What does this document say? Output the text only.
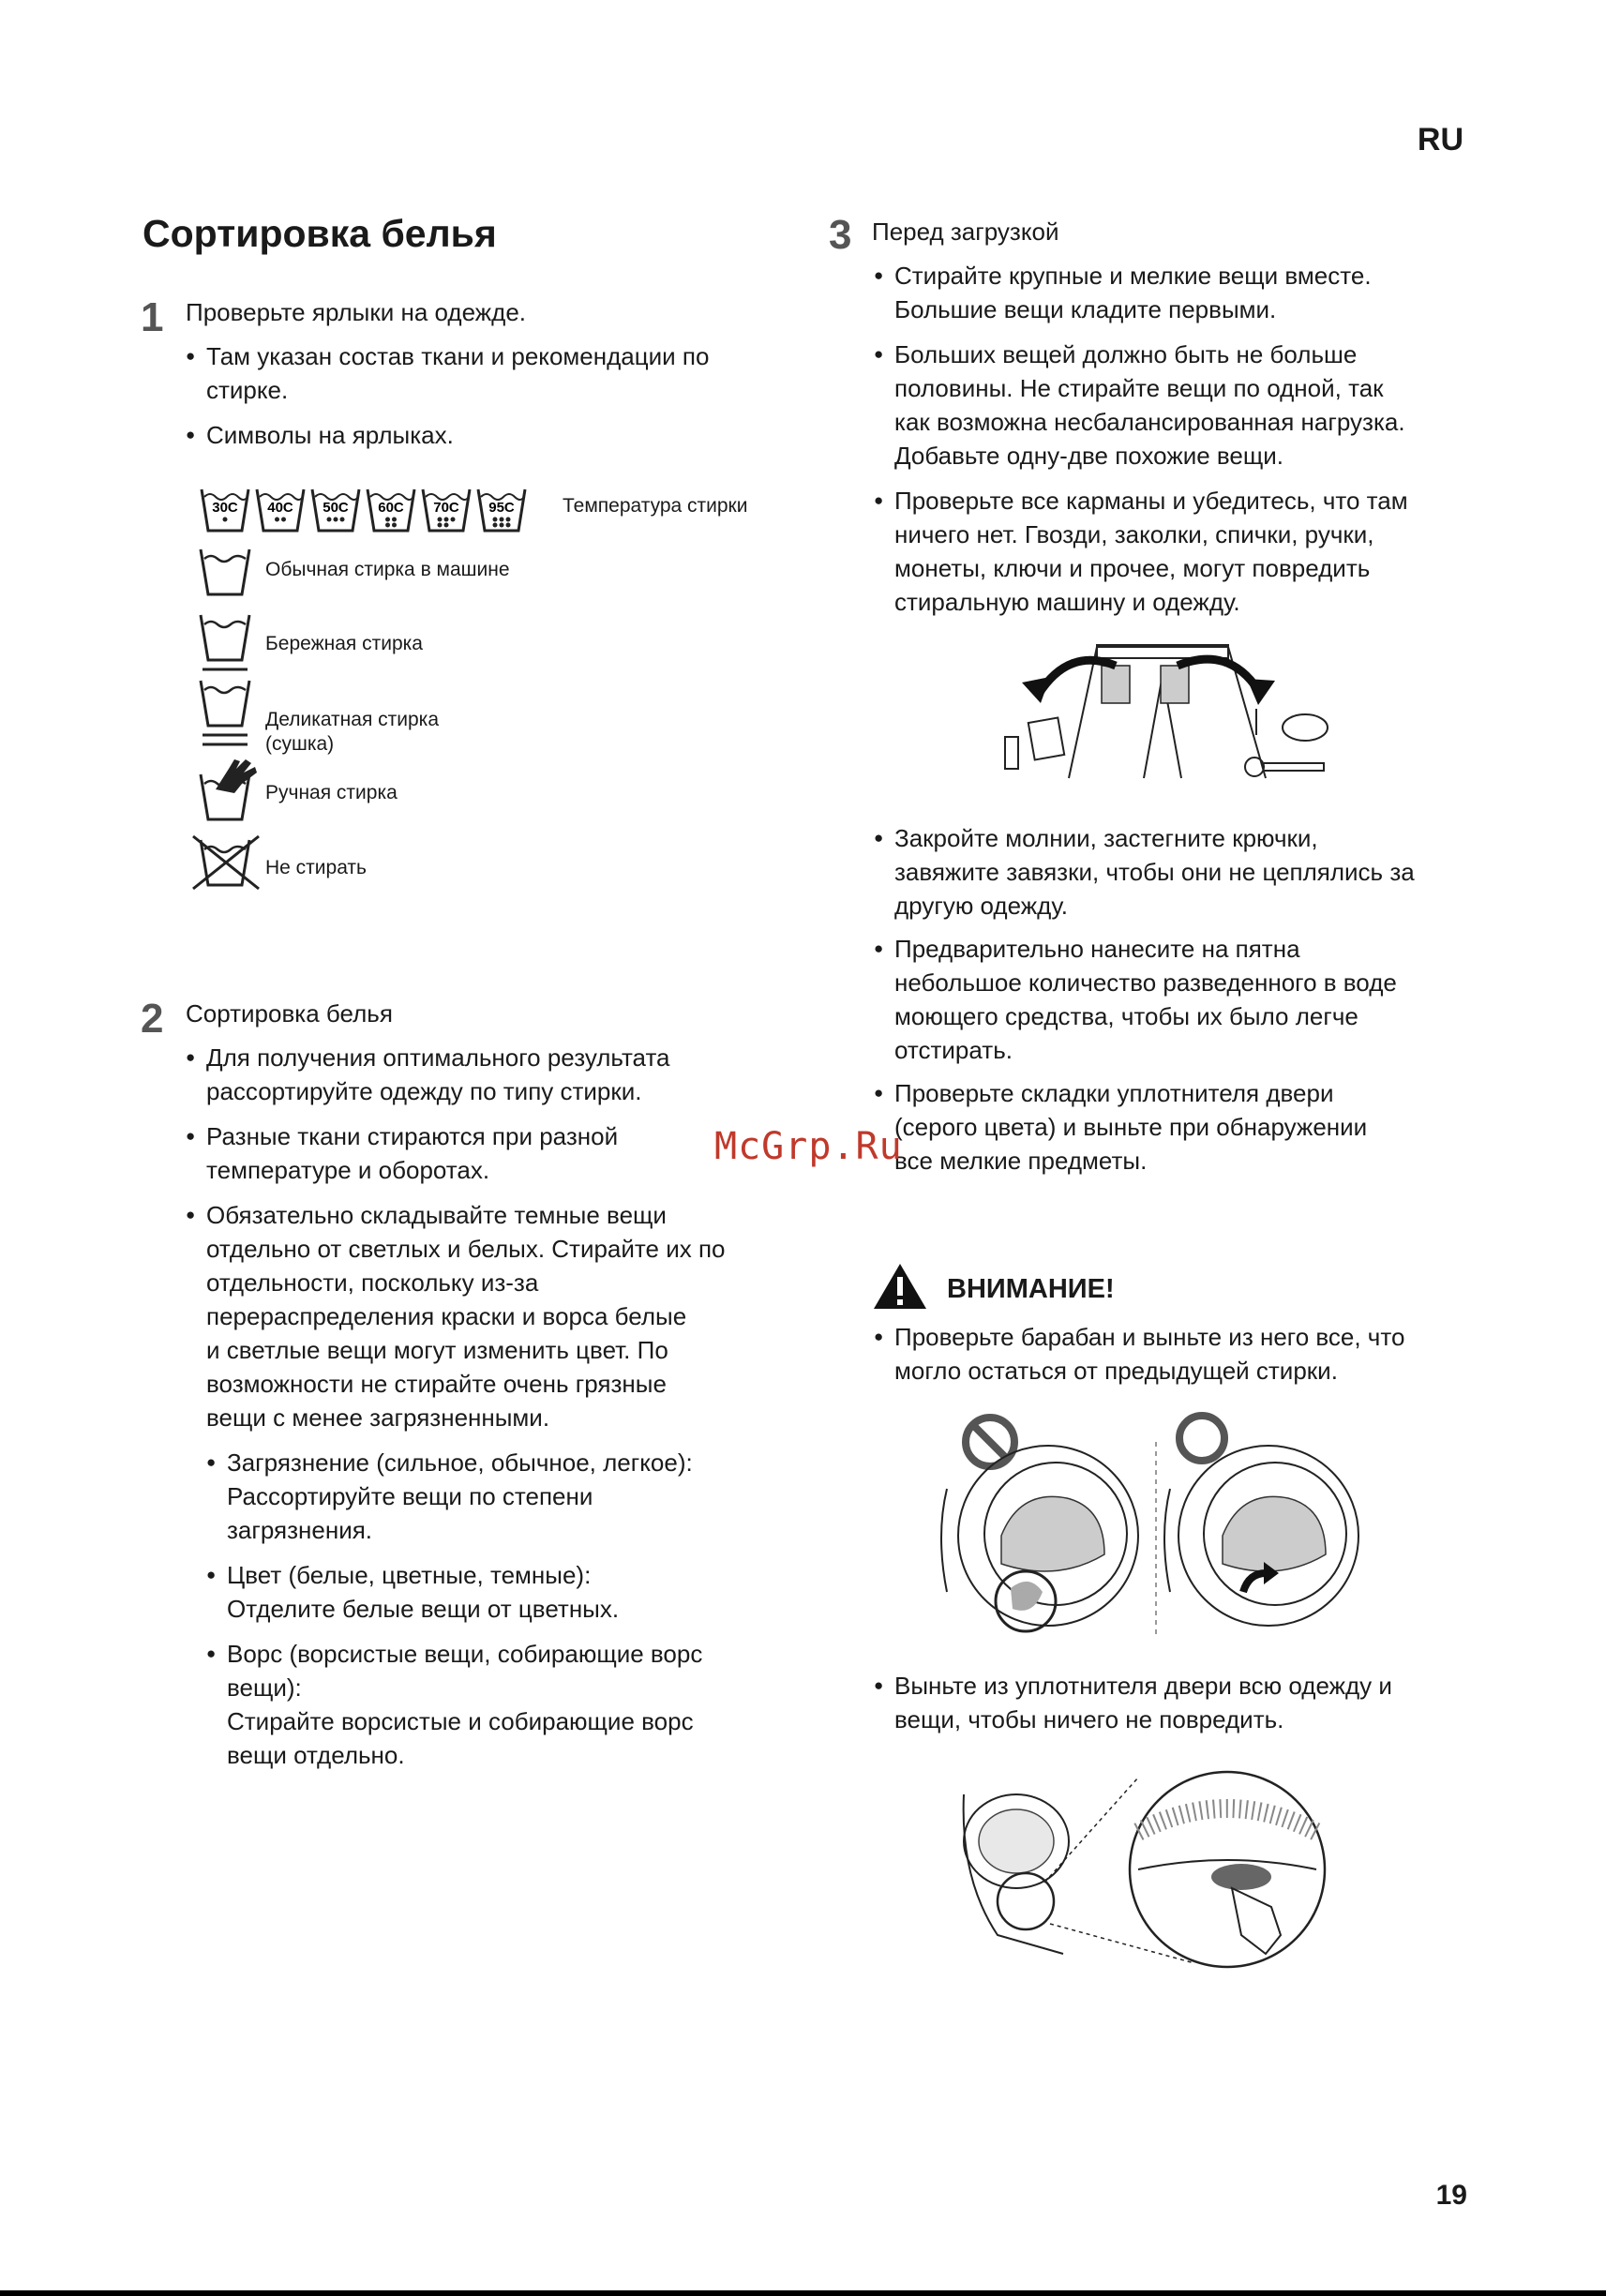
RU
Сортировка белья
1 Проверьте ярлыки на одежде.

● Там указан состав ткани и рекомендации по

стирке.

● Символы на ярлыках.

30C 40C 50C 60C 70C 95C Температура стирки
Обычная стирка в машине
Бережная стирка
Деликатная стирка
(сушка)
Ручная стирка
Не стирать
2 Сортировка белья

● Для получения оптимального результата

рассортируйте одежду по типу стирки.

● Разные ткани стираются при разной

температуре и оборотах.

● Обязательно складывайте темные вещи

отдельно от светлых и белых. Стирайте их по

отдельности, поскольку из-за

перераспределения краски и ворса белые

и светлые вещи могут изменить цвет. По

возможности не стирайте очень грязные

вещи с менее загрязненными.

● Загрязнение (сильное, обычное, легкое):

Рассортируйте вещи по степени

загрязнения.

● Цвет (белые, цветные, темные):

Отделите белые вещи от цветных.

● Ворс (ворсистые вещи, собирающие ворс

вещи):

Стирайте ворсистые и собирающие ворс

вещи отдельно.

3 Перед загрузкой

● Стирайте крупные и мелкие вещи вместе.

Большие вещи кладите первыми.

● Больших вещей должно быть не больше

половины. Не стирайте вещи по одной, так

как возможна несбалансированная нагрузка.

Добавьте одну-две похожие вещи.

● Проверьте все карманы и убедитесь, что там

ничего нет. Гвозди, заколки, спички, ручки,

монеты, ключи и прочее, могут повредить

стиральную машину и одежду.

● Закройте молнии, застегните крючки,

завяжите завязки, чтобы они не цеплялись за

другую одежду.

● Предварительно нанесите на пятна

небольшое количество разведенного в воде

моющего средства, чтобы их было легче

отстирать.

● Проверьте складки уплотнителя двери

(серого цвета) и выньте при обнаружении

все мелкие предметы.

McGrp.Ru
ВНИМАНИЕ!

● Проверьте барабан и выньте из него все, что

могло остаться от предыдущей стирки.

● Выньте из уплотнителя двери всю одежду и

вещи, чтобы ничего не повредить.

19
